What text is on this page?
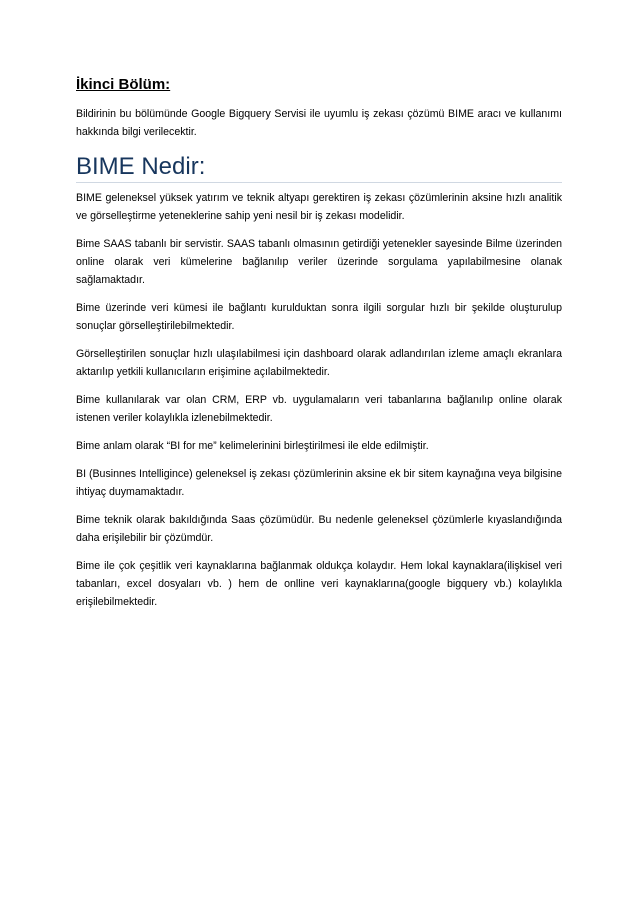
İkinci Bölüm:

Bildirinin bu bölümünde Google Bigquery Servisi ile uyumlu iş zekası çözümü BIME aracı ve kullanımı hakkında bilgi verilecektir.

BIME Nedir:

BIME geleneksel yüksek yatırım ve teknik altyapı gerektiren iş zekası çözümlerinin aksine hızlı analitik ve görselleştirme yeteneklerine sahip yeni nesil bir iş zekası modelidir.

Bime SAAS tabanlı bir servistir. SAAS tabanlı olmasının getirdiği yetenekler sayesinde Bilme üzerinden online olarak veri kümelerine bağlanılıp veriler üzerinde sorgulama yapılabilmesine olanak sağlamaktadır.

Bime üzerinde veri kümesi ile bağlantı kurulduktan sonra ilgili sorgular hızlı bir şekilde oluşturulup sonuçlar görselleştirilebilmektedir.

Görselleştirilen sonuçlar hızlı ulaşılabilmesi için dashboard olarak adlandırılan izleme amaçlı ekranlara aktarılıp yetkili kullanıcıların erişimine açılabilmektedir.

Bime kullanılarak var olan CRM, ERP vb. uygulamaların veri tabanlarına bağlanılıp online olarak istenen veriler kolaylıkla izlenebilmektedir.

Bime anlam olarak “BI for me” kelimelerinini birleştirilmesi ile elde edilmiştir.

BI (Businnes Intelligince) geleneksel iş zekası çözümlerinin aksine ek bir sitem kaynağına veya bilgisine ihtiyaç duymamaktadır.

Bime teknik olarak bakıldığında Saas çözümüdür. Bu nedenle geleneksel çözümlerle kıyaslandığında daha erişilebilir bir çözümdür.

Bime ile çok çeşitlik veri kaynaklarına bağlanmak oldukça kolaydır. Hem lokal kaynaklara(ilişkisel veri tabanları, excel dosyaları vb. ) hem de onlline veri kaynaklarına(google bigquery vb.) kolaylıkla erişilebilmektedir.
